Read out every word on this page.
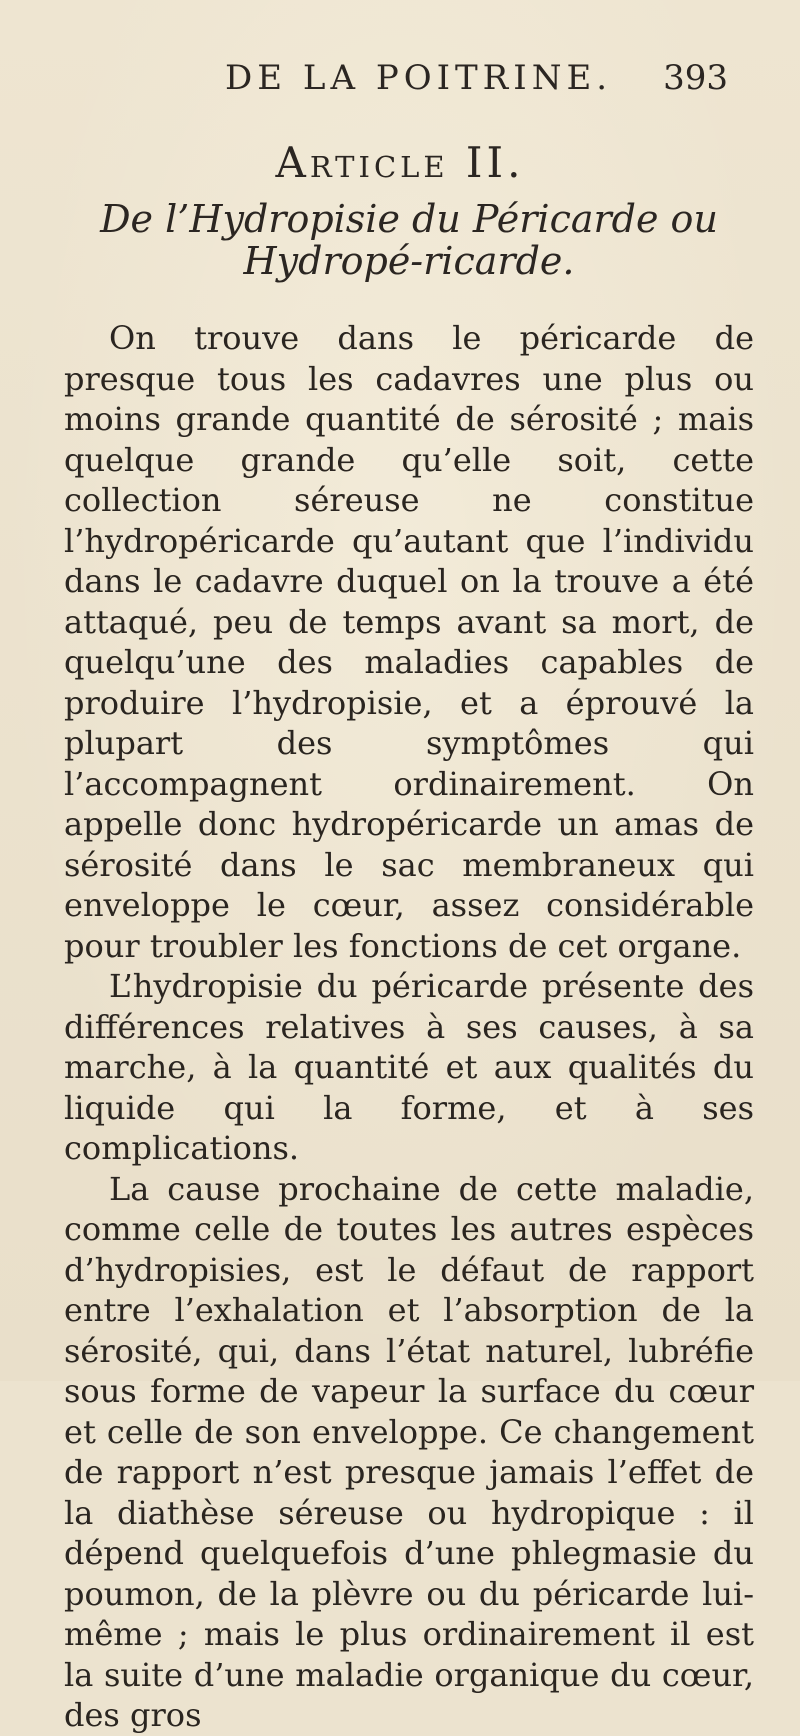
DE LA POITRINE. 393
Article II.
De l’Hydropisie du Péricarde ou Hydropé-ricarde.

On trouve dans le péricarde de presque tous les cadavres une plus ou moins grande quantité de sérosité ; mais quelque grande qu’elle soit, cette collection séreuse ne constitue l’hydropéricarde qu’autant que l’individu dans le cadavre duquel on la trouve a été attaqué, peu de temps avant sa mort, de quelqu’une des maladies capables de produire l’hydropisie, et a éprouvé la plupart des symptômes qui l’accompagnent ordinairement. On appelle donc hydropéricarde un amas de sérosité dans le sac membraneux qui enveloppe le cœur, assez considérable pour troubler les fonctions de cet organe.

L’hydropisie du péricarde présente des différences relatives à ses causes, à sa marche, à la quantité et aux qualités du liquide qui la forme, et à ses complications.

La cause prochaine de cette maladie, comme celle de toutes les autres espèces d’hydropisies, est le défaut de rapport entre l’exhalation et l’absorption de la sérosité, qui, dans l’état naturel, lubréfie sous forme de vapeur la surface du cœur et celle de son enveloppe. Ce changement de rapport n’est presque jamais l’effet de la diathèse séreuse ou hydropique : il dépend quelquefois d’une phlegmasie du poumon, de la plèvre ou du péricarde lui-même ; mais le plus ordinairement il est la suite d’une maladie organique du cœur, des gros
